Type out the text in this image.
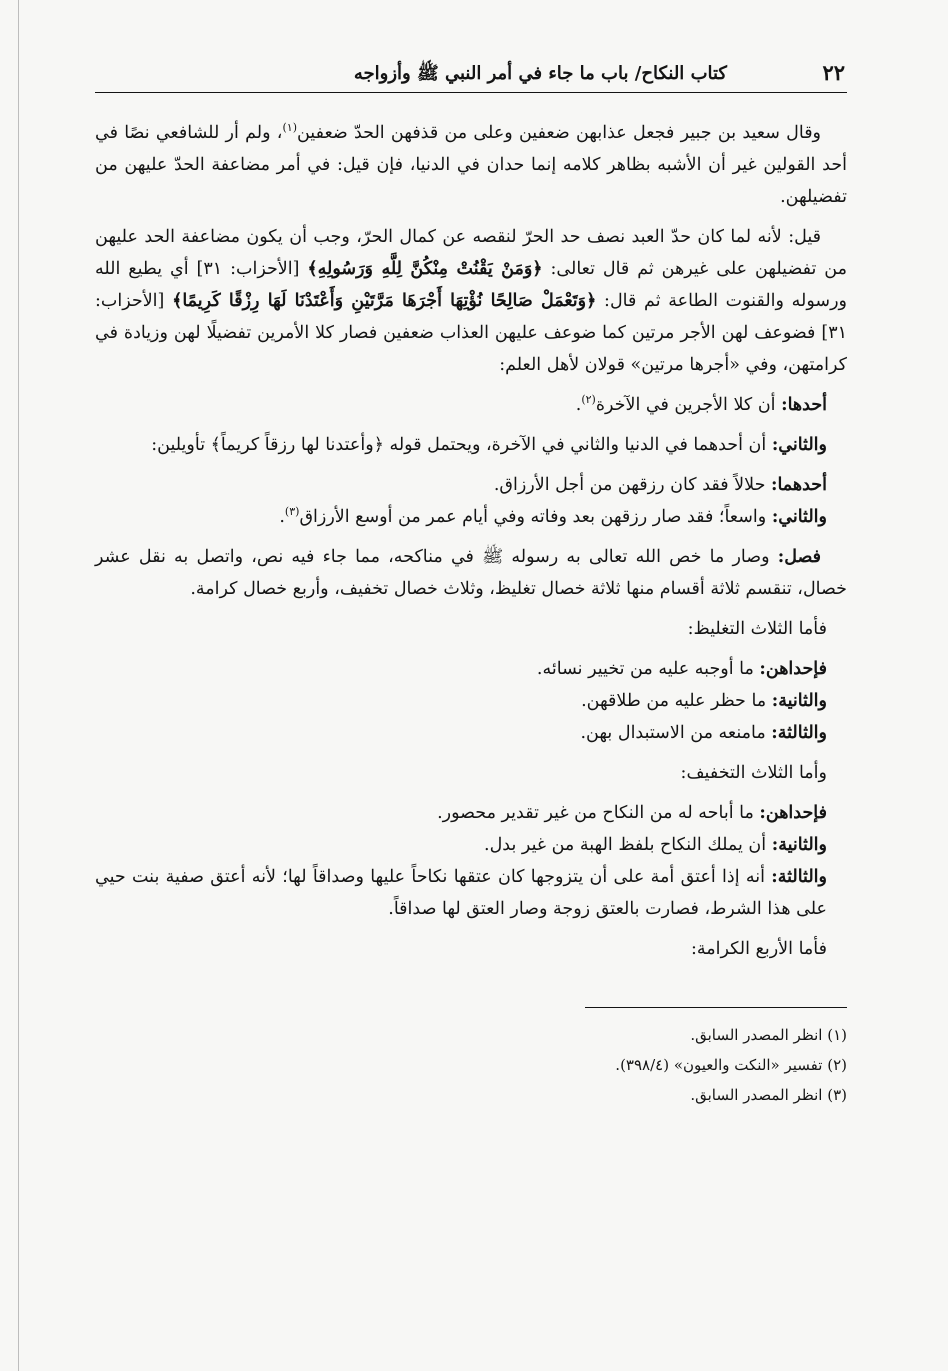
٢٢
كتاب النكاح/ باب ما جاء في أمر النبي ﷺ وأزواجه

وقال سعيد بن جبير فجعل عذابهن ضعفين وعلى من قذفهن الحدّ ضعفين$^{(١)}$، ولم أر للشافعي نصًا في أحد القولين غير أن الأشبه بظاهر كلامه إنما حدان في الدنيا، فإن قيل: في أمر مضاعفة الحدّ عليهن من تفضيلهن.

قيل: لأنه لما كان حدّ العبد نصف حد الحرّ لنقصه عن كمال الحرّ، وجب أن يكون مضاعفة الحد عليهن من تفضيلهن على غيرهن ثم قال تعالى: ﴿وَمَنْ يَقْنُتْ مِنْكُنَّ لِلَّهِ وَرَسُولِهِ﴾ [الأحزاب: ٣١] أي يطيع الله ورسوله والقنوت الطاعة ثم قال: ﴿وَتَعْمَلْ صَالِحًا نُؤْتِهَا أَجْرَهَا مَرَّتَيْنِ وَأَعْتَدْنَا لَهَا رِزْقًا كَرِيمًا﴾ [الأحزاب: ٣١] فضوعف لهن الأجر مرتين كما ضوعف عليهن العذاب ضعفين فصار كلا الأمرين تفضيلًا لهن وزيادة في كرامتهن، وفي «أجرها مرتين» قولان لأهل العلم:

أحدها: أن كلا الأجرين في الآخرة$^{(٢)}$.

والثاني: أن أحدهما في الدنيا والثاني في الآخرة، ويحتمل قوله ﴿وأعتدنا لها رزقاً كريماً﴾ تأويلين:

أحدهما: حلالاً فقد كان رزقهن من أجل الأرزاق.

والثاني: واسعاً؛ فقد صار رزقهن بعد وفاته وفي أيام عمر من أوسع الأرزاق$^{(٣)}$.

فصل: وصار ما خص الله تعالى به رسوله ﷺ في مناكحه، مما جاء فيه نص، واتصل به نقل عشر خصال، تنقسم ثلاثة أقسام منها ثلاثة خصال تغليظ، وثلاث خصال تخفيف، وأربع خصال كرامة.

فأما الثلاث التغليظ:

فإحداهن: ما أوجبه عليه من تخيير نسائه.

والثانية: ما حظر عليه من طلاقهن.

والثالثة: مامنعه من الاستبدال بهن.

وأما الثلاث التخفيف:

فإحداهن: ما أباحه له من النكاح من غير تقدير محصور.

والثانية: أن يملك النكاح بلفظ الهبة من غير بدل.

والثالثة: أنه إذا أعتق أمة على أن يتزوجها كان عتقها نكاحاً عليها وصداقاً لها؛ لأنه أعتق صفية بنت حيي على هذا الشرط، فصارت بالعتق زوجة وصار العتق لها صداقاً.

فأما الأربع الكرامة:

(١) انظر المصدر السابق.

(٢) تفسير «النكت والعيون» (٣٩٨/٤).

(٣) انظر المصدر السابق.
